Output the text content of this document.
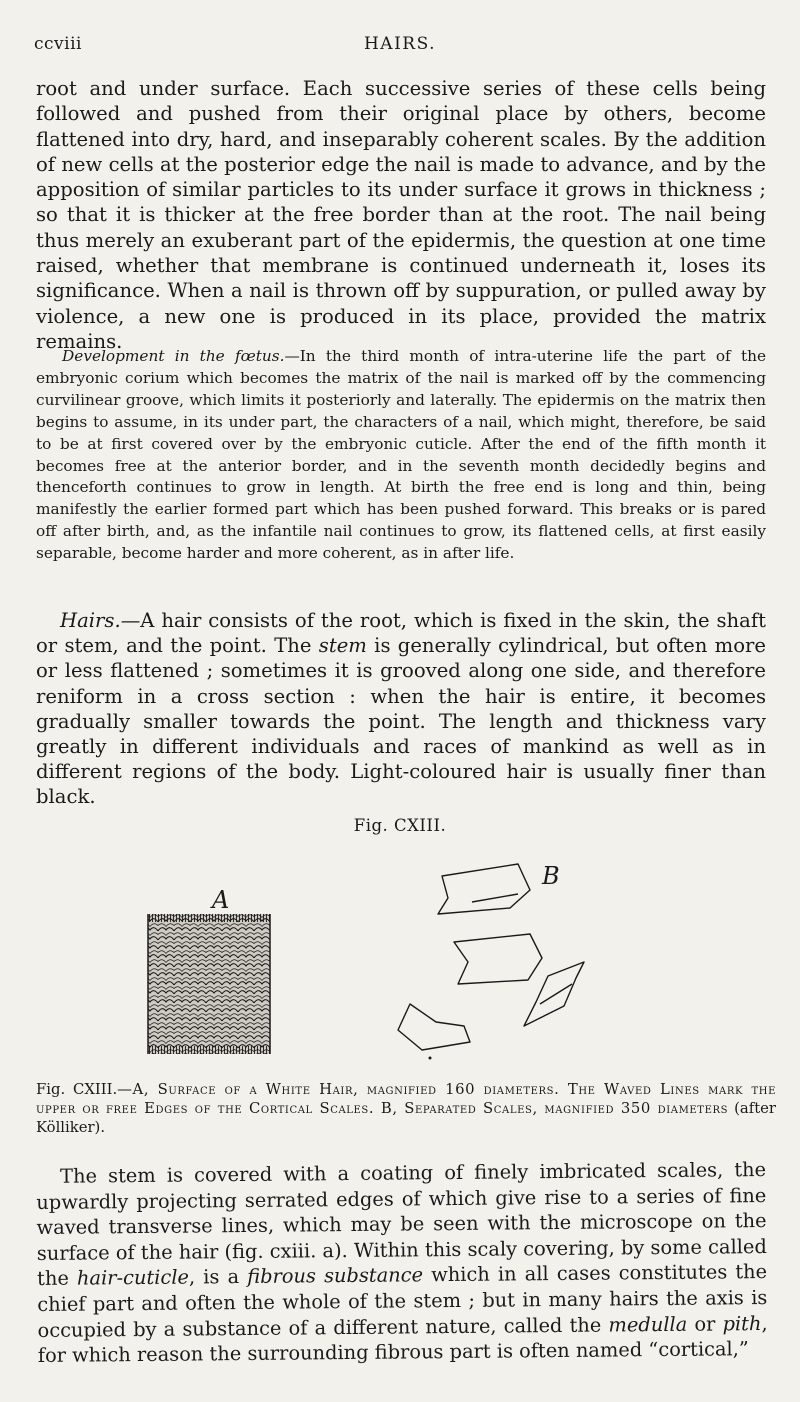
ccviii	HAIRS.

root and under surface. Each successive series of these cells being followed and pushed from their original place by others, become flattened into dry, hard, and inseparably coherent scales. By the addition of new cells at the posterior edge the nail is made to advance, and by the apposition of similar particles to its under surface it grows in thickness ; so that it is thicker at the free border than at the root. The nail being thus merely an exuberant part of the epidermis, the question at one time raised, whether that membrane is continued underneath it, loses its significance. When a nail is thrown off by suppuration, or pulled away by violence, a new one is produced in its place, provided the matrix remains.

Development in the fœtus.—In the third month of intra-uterine life the part of the embryonic corium which becomes the matrix of the nail is marked off by the commencing curvilinear groove, which limits it posteriorly and laterally. The epidermis on the matrix then begins to assume, in its under part, the characters of a nail, which might, therefore, be said to be at first covered over by the embryonic cuticle. After the end of the fifth month it becomes free at the anterior border, and in the seventh month decidedly begins and thenceforth continues to grow in length. At birth the free end is long and thin, being manifestly the earlier formed part which has been pushed forward. This breaks or is pared off after birth, and, as the infantile nail continues to grow, its flattened cells, at first easily separable, become harder and more coherent, as in after life.

Hairs.—A hair consists of the root, which is fixed in the skin, the shaft or stem, and the point. The stem is generally cylindrical, but often more or less flattened ; sometimes it is grooved along one side, and therefore reniform in a cross section : when the hair is entire, it becomes gradually smaller towards the point. The length and thickness vary greatly in different individuals and races of mankind as well as in different regions of the body. Light-coloured hair is usually finer than black.

Fig. CXIII.
A
B

Fig. CXIII.—A, Surface of a White Hair, magnified 160 diameters. The Waved Lines mark the upper or free Edges of the Cortical Scales. B, Separated Scales, magnified 350 diameters (after Kölliker).

The stem is covered with a coating of finely imbricated scales, the upwardly projecting serrated edges of which give rise to a series of fine waved transverse lines, which may be seen with the microscope on the surface of the hair (fig. cxiii. a). Within this scaly covering, by some called the hair-cuticle, is a fibrous substance which in all cases constitutes the chief part and often the whole of the stem ; but in many hairs the axis is occupied by a substance of a different nature, called the medulla or pith, for which reason the surrounding fibrous part is often named “cortical,”
